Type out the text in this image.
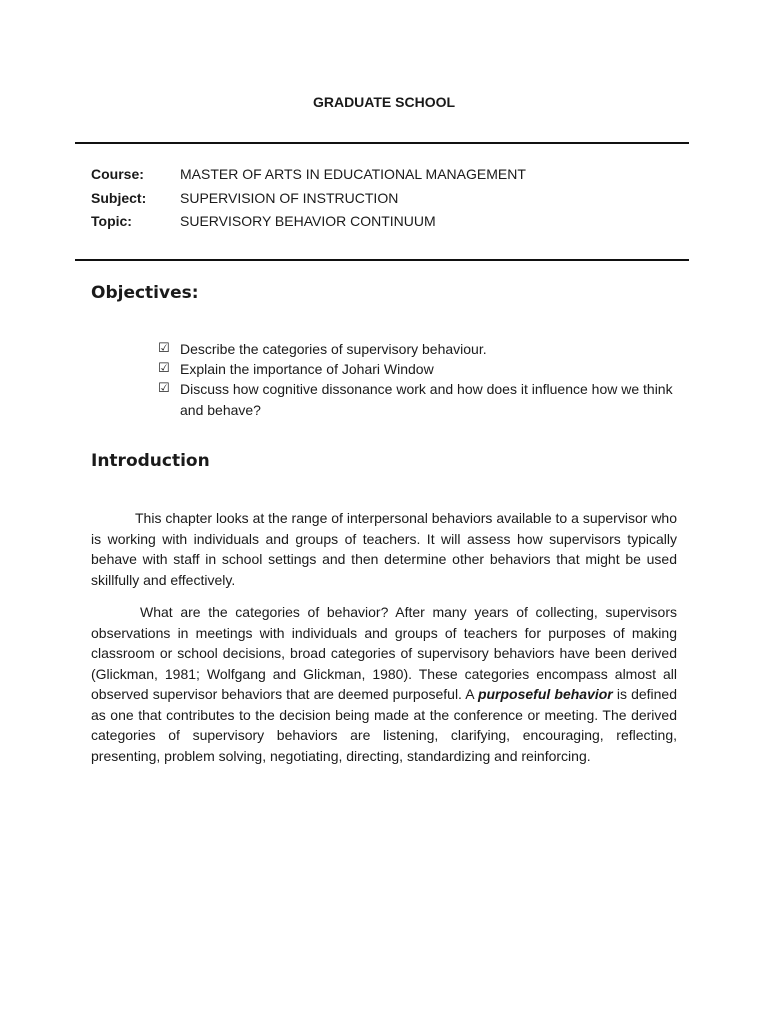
GRADUATE SCHOOL
Course:	MASTER OF ARTS IN EDUCATIONAL MANAGEMENT
Subject:	SUPERVISION OF INSTRUCTION
Topic:	SUERVISORY BEHAVIOR CONTINUUM
Objectives:
☑ Describe the categories of supervisory behaviour.
☑ Explain the importance of Johari Window
☑ Discuss how cognitive dissonance work and how does it influence how we think and behave?
Introduction

This chapter looks at the range of interpersonal behaviors available to a supervisor who is working with individuals and groups of teachers. It will assess how supervisors typically behave with staff in school settings and then determine other behaviors that might be used skillfully and effectively.

What are the categories of behavior? After many years of collecting, supervisors observations in meetings with individuals and groups of teachers for purposes of making classroom or school decisions, broad categories of supervisory behaviors have been derived (Glickman, 1981; Wolfgang and Glickman, 1980). These categories encompass almost all observed supervisor behaviors that are deemed purposeful. A purposeful behavior is defined as one that contributes to the decision being made at the conference or meeting. The derived categories of supervisory behaviors are listening, clarifying, encouraging, reflecting, presenting, problem solving, negotiating, directing, standardizing and reinforcing.
